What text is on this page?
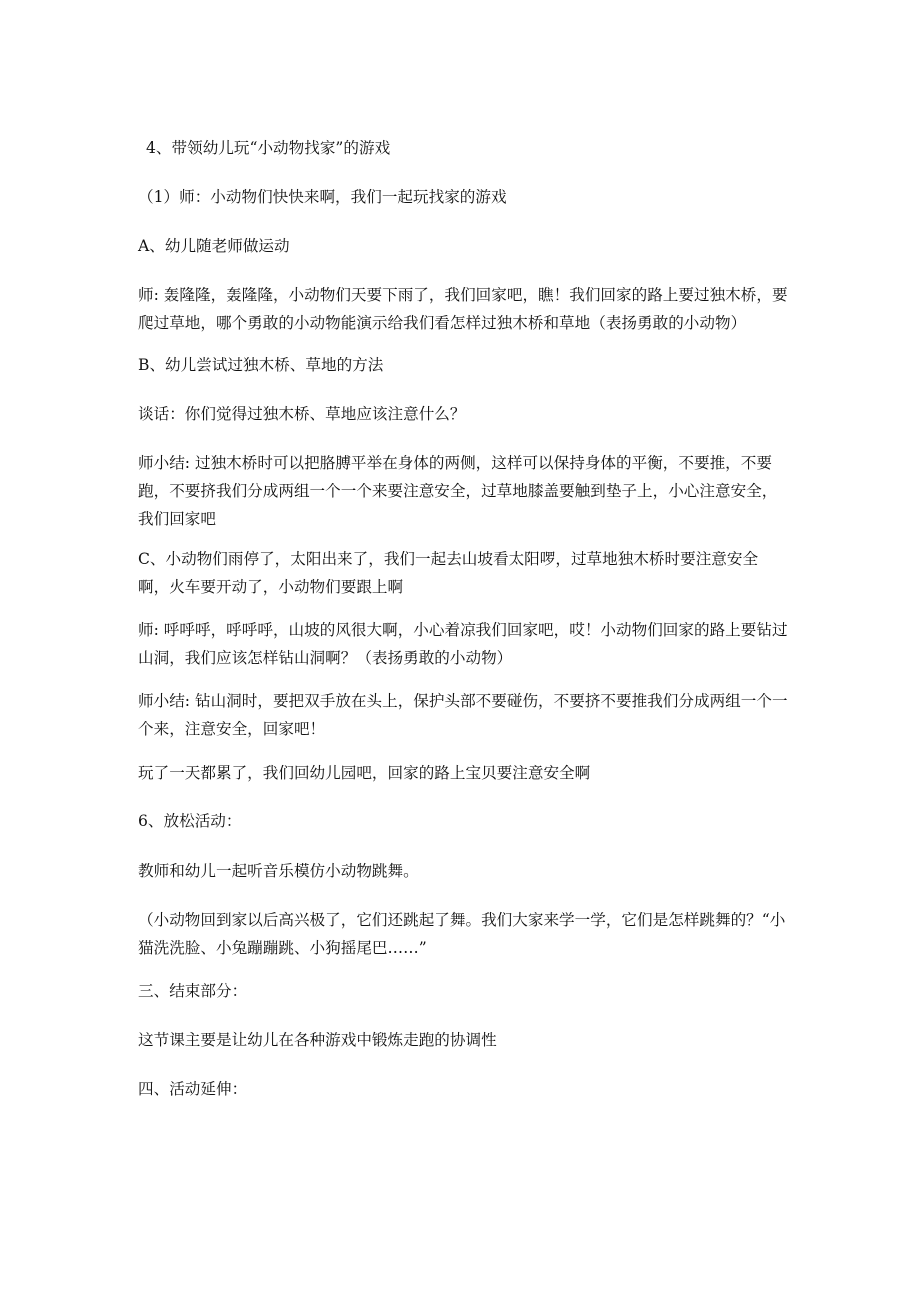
4、带领幼儿玩“小动物找家”的游戏

（1）师：小动物们快快来啊，我们一起玩找家的游戏

A、幼儿随老师做运动

师: 轰隆隆，轰隆隆，小动物们天要下雨了，我们回家吧，瞧！我们回家的路上要过独木桥，要爬过草地，哪个勇敢的小动物能演示给我们看怎样过独木桥和草地（表扬勇敢的小动物）

B、幼儿尝试过独木桥、草地的方法

谈话：你们觉得过独木桥、草地应该注意什么？

师小结: 过独木桥时可以把胳膊平举在身体的两侧，这样可以保持身体的平衡，不要推，不要跑，不要挤我们分成两组一个一个来要注意安全，过草地膝盖要触到垫子上，小心注意安全，我们回家吧

C、小动物们雨停了，太阳出来了，我们一起去山坡看太阳啰，过草地独木桥时要注意安全啊，火车要开动了，小动物们要跟上啊

师: 呼呼呼，呼呼呼，山坡的风很大啊，小心着凉我们回家吧，哎！小动物们回家的路上要钻过山洞，我们应该怎样钻山洞啊？（表扬勇敢的小动物）

师小结: 钻山洞时，要把双手放在头上，保护头部不要碰伤，不要挤不要推我们分成两组一个一个来，注意安全，回家吧！

玩了一天都累了，我们回幼儿园吧，回家的路上宝贝要注意安全啊

6、放松活动：

教师和幼儿一起听音乐模仿小动物跳舞。

（小动物回到家以后高兴极了，它们还跳起了舞。我们大家来学一学，它们是怎样跳舞的？“小猫洗洗脸、小兔蹦蹦跳、小狗摇尾巴……”

三、结束部分：

这节课主要是让幼儿在各种游戏中锻炼走跑的协调性

四、活动延伸：
